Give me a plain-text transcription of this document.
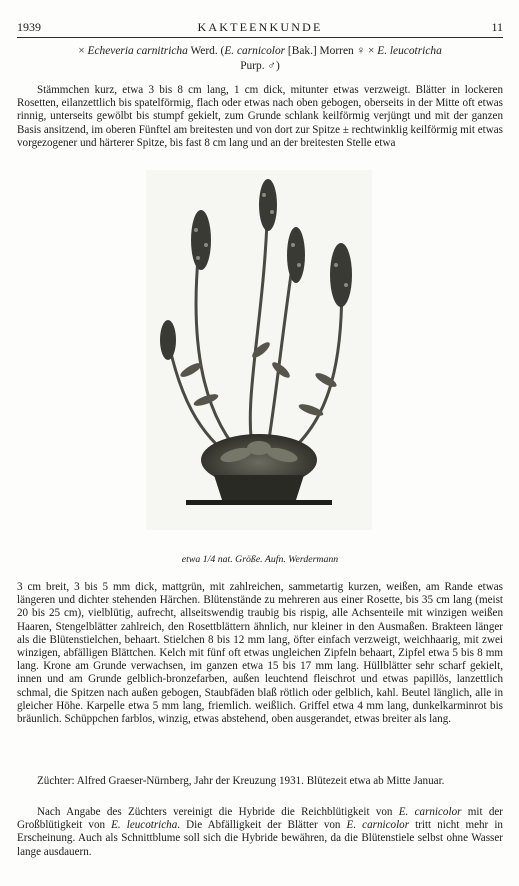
1939	KAKTEENKUNDE	11
× Echeveria carnitricha Werd. (E. carnicolor [Bak.] Morren ♀ × E. leucotricha
Purp. ♂)

Stämmchen kurz, etwa 3 bis 8 cm lang, 1 cm dick, mitunter etwas verzweigt. Blätter in lockeren Rosetten, eilanzettlich bis spatelförmig, flach oder etwas nach oben gebogen, oberseits in der Mitte oft etwas rinnig, unterseits gewölbt bis stumpf gekielt, zum Grunde schlank keilförmig verjüngt und mit der ganzen Basis ansitzend, im oberen Fünftel am breitesten und von dort zur Spitze ± rechtwinklig keilförmig mit etwas vorgezogener und härterer Spitze, bis fast 8 cm lang und an der breitesten Stelle etwa

etwa 1/4 nat. Größe. Aufn. Werdermann

3 cm breit, 3 bis 5 mm dick, mattgrün, mit zahlreichen, sammetartig kurzen, weißen, am Rande etwas längeren und dichter stehenden Härchen. Blütenstände zu mehreren aus einer Rosette, bis 35 cm lang (meist 20 bis 25 cm), vielblütig, aufrecht, allseitswendig traubig bis rispig, alle Achsenteile mit winzigen weißen Haaren, Stengelblätter zahlreich, den Rosettblättern ähnlich, nur kleiner in den Ausmaßen. Brakteen länger als die Blütenstielchen, behaart. Stielchen 8 bis 12 mm lang, öfter einfach verzweigt, weichhaarig, mit zwei winzigen, abfälligen Blättchen. Kelch mit fünf oft etwas ungleichen Zipfeln behaart, Zipfel etwa 5 bis 8 mm lang. Krone am Grunde verwachsen, im ganzen etwa 15 bis 17 mm lang. Hüllblätter sehr scharf gekielt, innen und am Grunde gelblich-bronzefarben, außen leuchtend fleischrot und etwas papillös, lanzettlich schmal, die Spitzen nach außen gebogen, Staubfäden blaß rötlich oder gelblich, kahl. Beutel länglich, alle in gleicher Höhe. Karpelle etwa 5 mm lang, friemlich. weißlich. Griffel etwa 4 mm lang, dunkelkarminrot bis bräunlich. Schüppchen farblos, winzig, etwas abstehend, oben ausgerandet, etwas breiter als lang.

Züchter: Alfred Graeser-Nürnberg, Jahr der Kreuzung 1931. Blütezeit etwa ab Mitte Januar.

Nach Angabe des Züchters vereinigt die Hybride die Reichblütigkeit von E. carnicolor mit der Großblütigkeit von E. leucotricha. Die Abfälligkeit der Blätter von E. carnicolor tritt nicht mehr in Erscheinung. Auch als Schnittblume soll sich die Hybride bewähren, da die Blütenstiele selbst ohne Wasser lange ausdauern.
